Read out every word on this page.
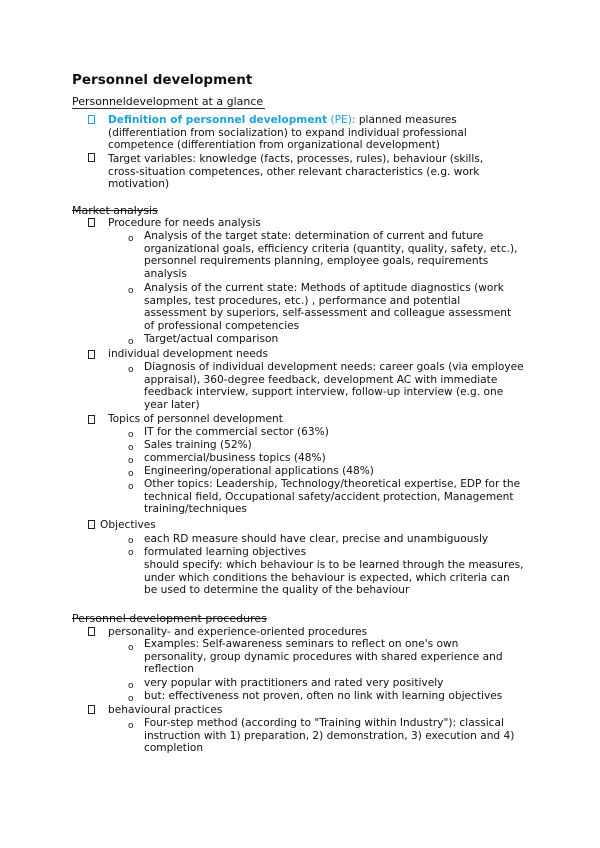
Personnel development
Personneldevelopment at a glance
Definition of personnel development (PE): planned measures (differentiation from socialization) to expand individual professional competence (differentiation from organizational development)
Target variables: knowledge (facts, processes, rules), behaviour (skills, cross-situation competences, other relevant characteristics (e.g. work motivation)
Market analysis
Procedure for needs analysis
o Analysis of the target state: determination of current and future organizational goals, efficiency criteria (quantity, quality, safety, etc.), personnel requirements planning, employee goals, requirements analysis
o Analysis of the current state: Methods of aptitude diagnostics (work samples, test procedures, etc.) , performance and potential assessment by superiors, self-assessment and colleague assessment of professional competencies
o Target/actual comparison
individual development needs
o Diagnosis of individual development needs: career goals (via employee appraisal), 360-degree feedback, development AC with immediate feedback interview, support interview, follow-up interview (e.g. one year later)
Topics of personnel development
o IT for the commercial sector (63%)
o Sales training (52%)
o commercial/business topics (48%)
o Engineering/operational applications (48%)
o Other topics: Leadership, Technology/theoretical expertise, EDP for the technical field, Occupational safety/accident protection, Management training/techniques
Objectives
o
o
each RD measure should have clear, precise and unambiguously formulated learning objectives
should specify: which behaviour is to be learned through the measures, under which conditions the behaviour is expected, which criteria can be used to determine the quality of the behaviour
Personnel development procedures
personality- and experience-oriented procedures
o Examples: Self-awareness seminars to reflect on one's own personality, group dynamic procedures with shared experience and reflection
o very popular with practitioners and rated very positively
o but: effectiveness not proven, often no link with learning objectives
behavioural practices
o Four-step method (according to "Training within Industry"): classical instruction with 1) preparation, 2) demonstration, 3) execution and 4) completion
